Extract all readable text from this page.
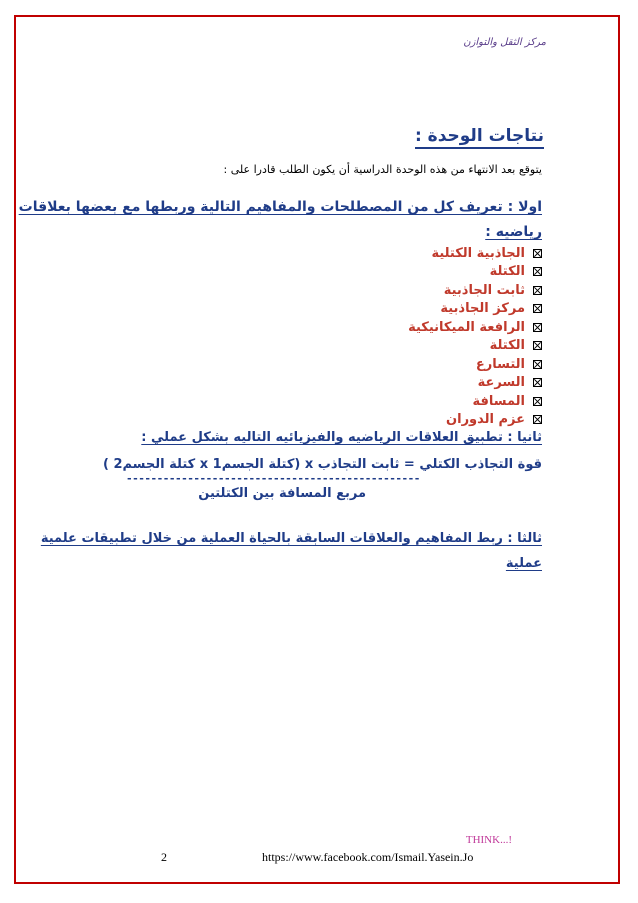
مركز الثقل والتوازن
نتاجات الوحدة :
يتوقع بعد الانتهاء من هذه الوحدة الدراسية أن يكون الطلب قادرا على :
اولا : تعريف كل من المصطلحات والمفاهيم التالية وربطها مع بعضها بعلاقات
رياضيه :
الجاذبية الكتلية
الكتلة
ثابت الجاذبية
مركز الجاذبية
الرافعة الميكانيكية
الكتلة
التسارع
السرعة
المسافة
عزم الدوران
ثانيا : تطبيق العلاقات الرياضيه والفيزيائيه التاليه بشكل عملي :
قوة التجاذب الكتلي = ثابت التجاذب x (كتلة الجسم1 x كتلة الجسم2 )
------------------------------------------------
مربع المسافة بين الكتلتين
ثالثا : ربط المفاهيم والعلاقات السابقة بالحياة العملية من خلال تطبيقات علمية
عملية
THINK...!
2	https://www.facebook.com/Ismail.Yasein.Jo
